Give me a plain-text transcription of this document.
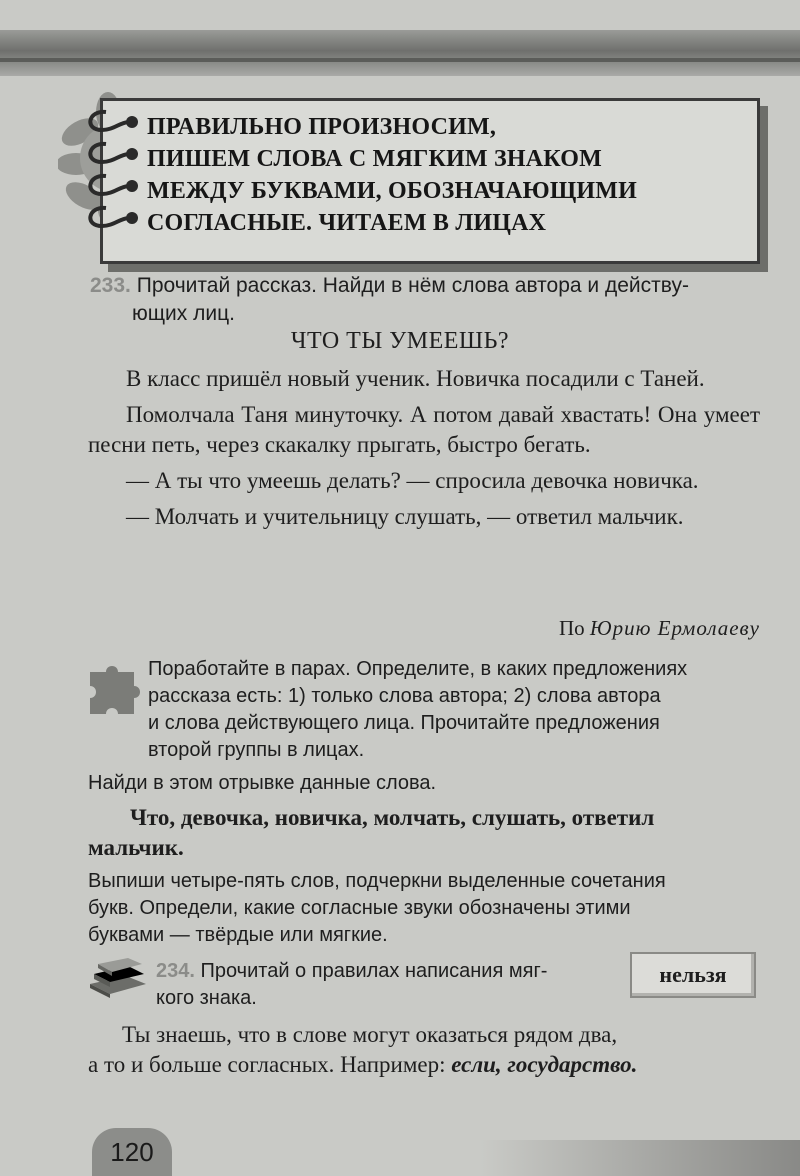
ПРАВИЛЬНО ПРОИЗНОСИМ,
ПИШЕМ СЛОВА С МЯГКИМ ЗНАКОМ
МЕЖДУ БУКВАМИ, ОБОЗНАЧАЮЩИМИ
СОГЛАСНЫЕ. ЧИТАЕМ В ЛИЦАХ
233. Прочитай рассказ. Найди в нём слова автора и действу-
ющих лиц.
ЧТО ТЫ УМЕЕШЬ?

В класс пришёл новый ученик. Новичка посадили с Таней.

Помолчала Таня минуточку. А потом давай хвастать! Она умеет песни петь, через скакалку прыгать, быстро бегать.

— А ты что умеешь делать? — спросила девочка новичка.

— Молчать и учительницу слушать, — ответил мальчик.

По Юрию Ермолаеву
Поработайте в парах. Определите, в каких предложениях
рассказа есть: 1) только слова автора; 2) слова автора
и слова действующего лица. Прочитайте предложения
второй группы в лицах.
Найди в этом отрывке данные слова.
Что, девочка, новичка, молчать, слушать, ответил
мальчик.
Выпиши четыре-пять слов, подчеркни выделенные сочетания
букв. Определи, какие согласные звуки обозначены этими
буквами — твёрдые или мягкие.
234. Прочитай о правилах написания мяг-
кого знака.
нельзя
Ты знаешь, что в слове могут оказаться рядом два,
а то и больше согласных. Например: если, государство.
120
